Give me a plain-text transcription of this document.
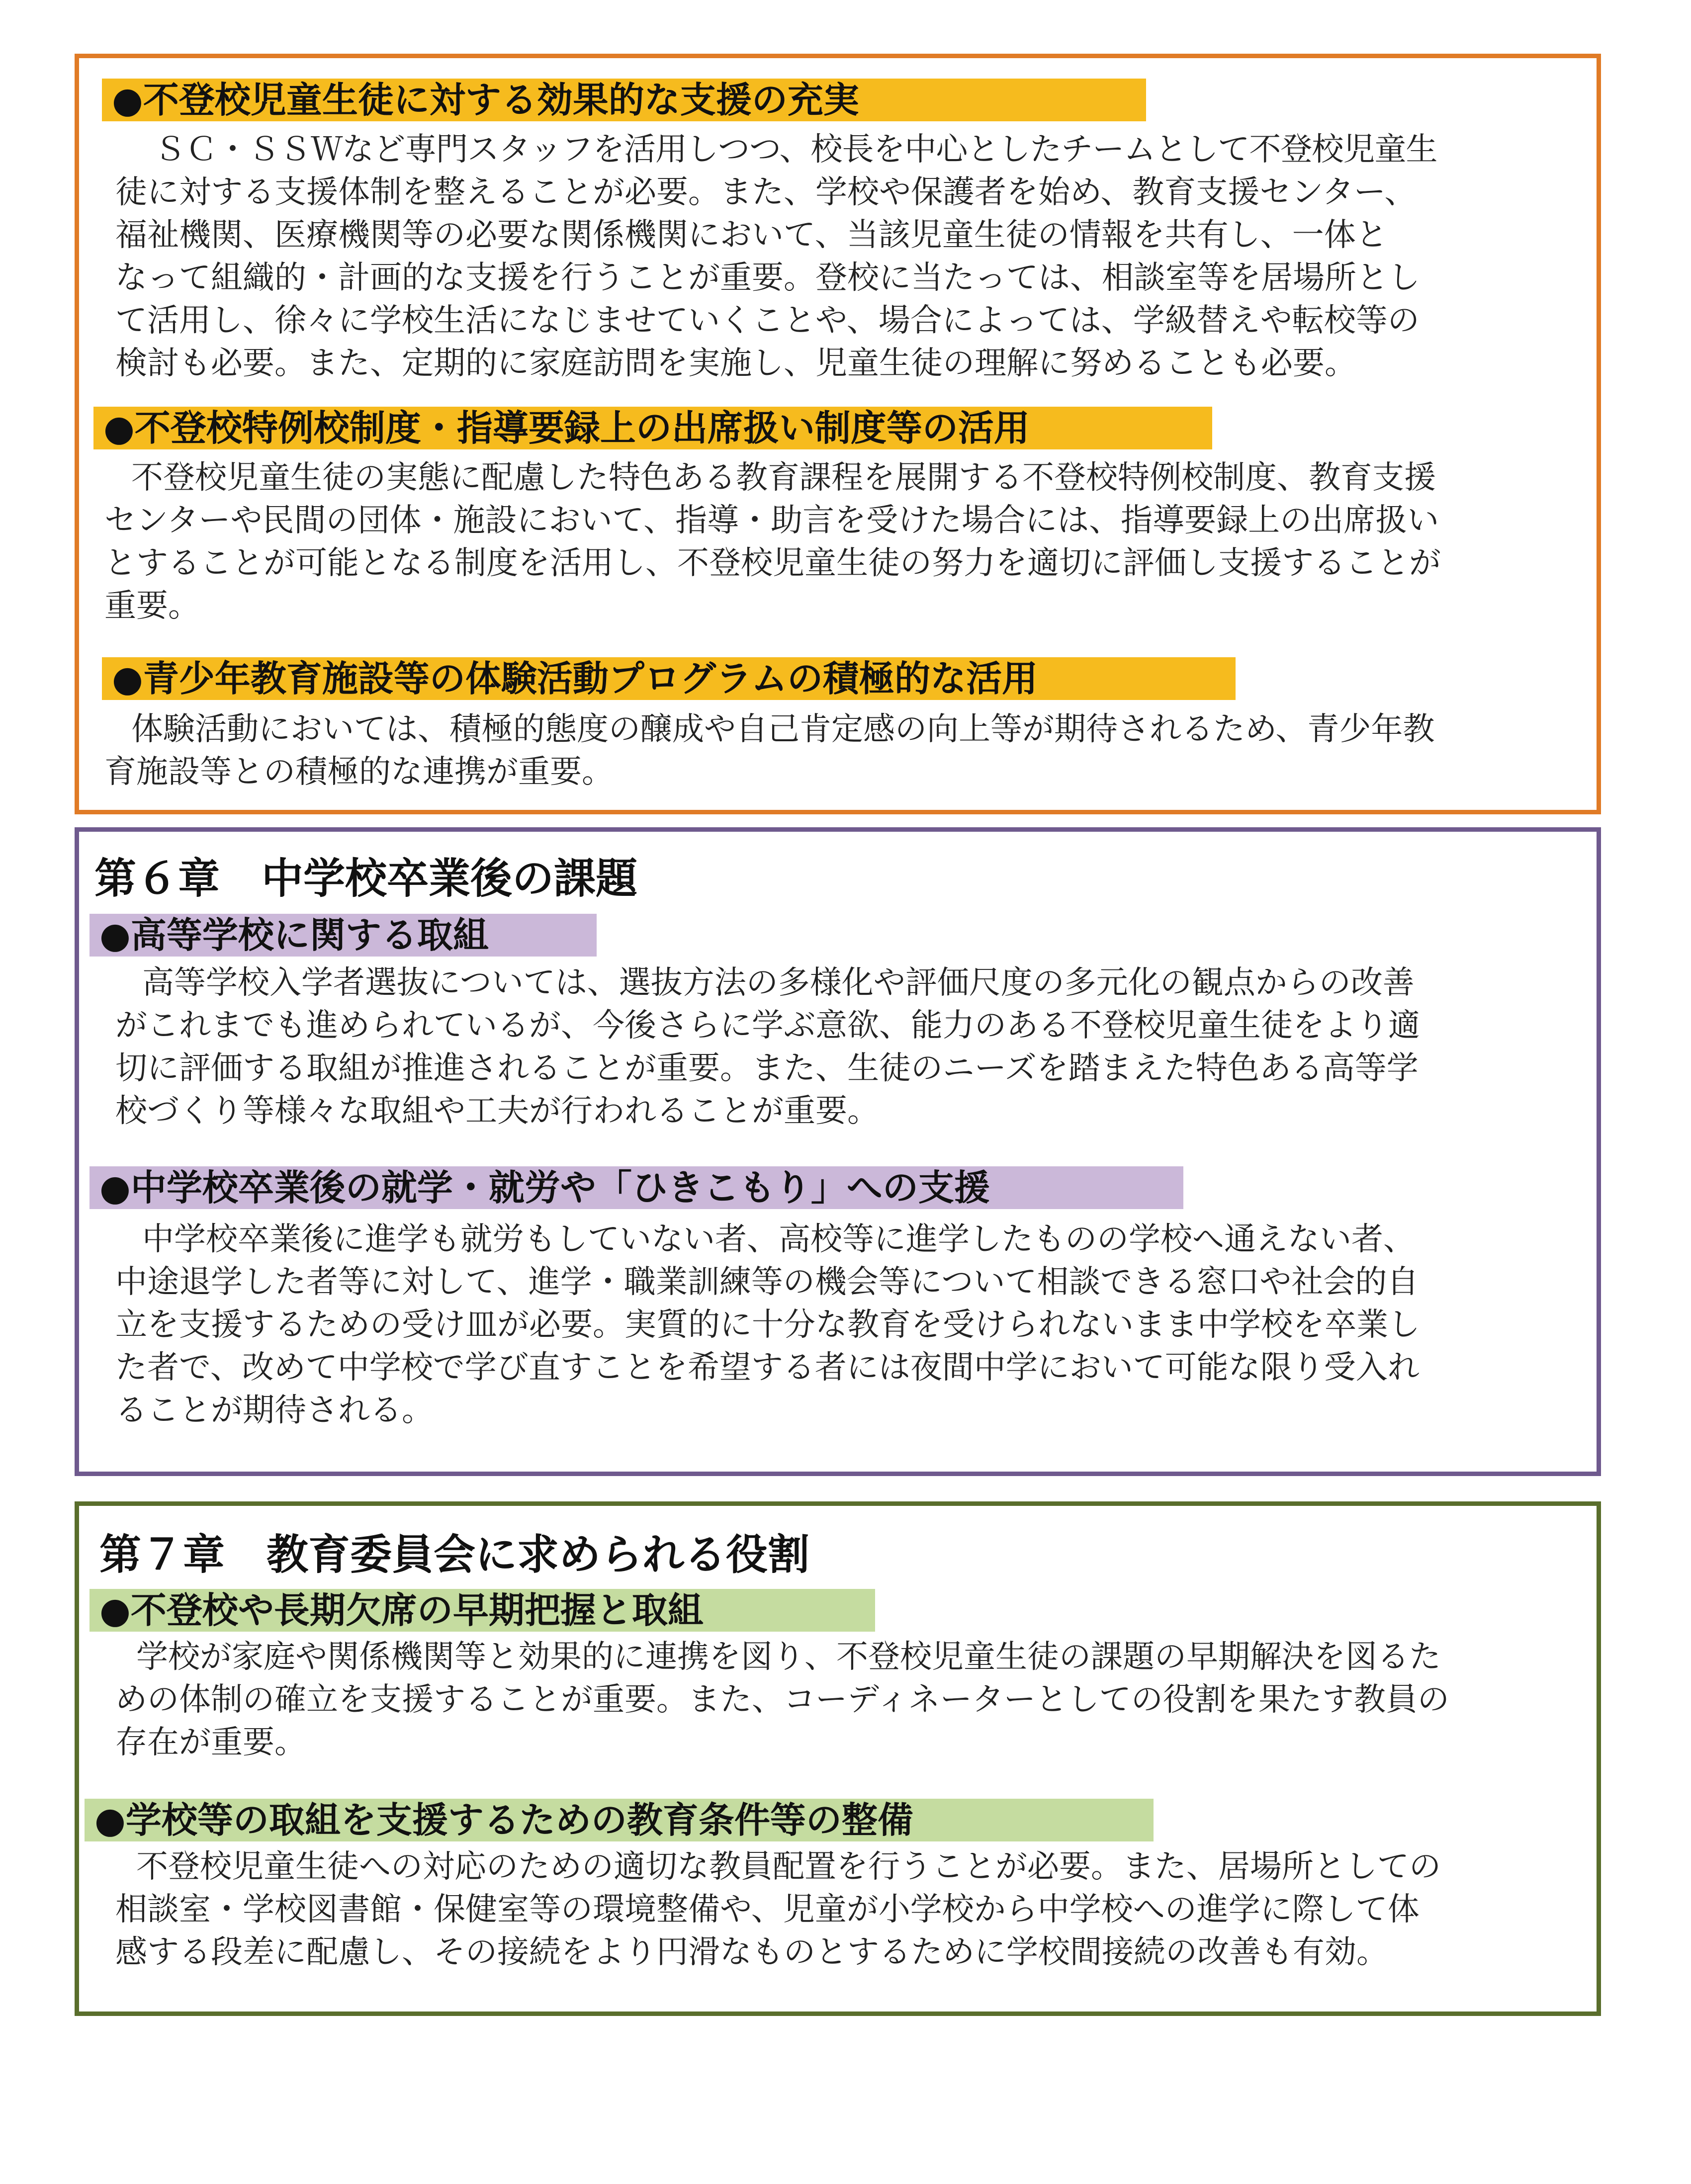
●不登校児童生徒に対する効果的な支援の充実

ＳＣ・ＳＳＷなど専門スタッフを活用しつつ、校長を中心としたチームとして不登校児童生
徒に対する支援体制を整えることが必要。また、学校や保護者を始め、教育支援センター、
福祉機関、医療機関等の必要な関係機関において、当該児童生徒の情報を共有し、一体と
なって組織的・計画的な支援を行うことが重要。登校に当たっては、相談室等を居場所とし
て活用し、徐々に学校生活になじませていくことや、場合によっては、学級替えや転校等の
検討も必要。また、定期的に家庭訪問を実施し、児童生徒の理解に努めることも必要。

●不登校特例校制度・指導要録上の出席扱い制度等の活用

不登校児童生徒の実態に配慮した特色ある教育課程を展開する不登校特例校制度、教育支援
センターや民間の団体・施設において、指導・助言を受けた場合には、指導要録上の出席扱い
とすることが可能となる制度を活用し、不登校児童生徒の努力を適切に評価し支援することが
重要。

●青少年教育施設等の体験活動プログラムの積極的な活用

体験活動においては、積極的態度の醸成や自己肯定感の向上等が期待されるため、青少年教
育施設等との積極的な連携が重要。

第６章　中学校卒業後の課題
●高等学校に関する取組

高等学校入学者選抜については、選抜方法の多様化や評価尺度の多元化の観点からの改善
がこれまでも進められているが、今後さらに学ぶ意欲、能力のある不登校児童生徒をより適
切に評価する取組が推進されることが重要。また、生徒のニーズを踏まえた特色ある高等学
校づくり等様々な取組や工夫が行われることが重要。

●中学校卒業後の就学・就労や「ひきこもり」への支援

中学校卒業後に進学も就労もしていない者、高校等に進学したものの学校へ通えない者、
中途退学した者等に対して、進学・職業訓練等の機会等について相談できる窓口や社会的自
立を支援するための受け皿が必要。実質的に十分な教育を受けられないまま中学校を卒業し
た者で、改めて中学校で学び直すことを希望する者には夜間中学において可能な限り受入れ
ることが期待される。

第７章　教育委員会に求められる役割
●不登校や長期欠席の早期把握と取組

学校が家庭や関係機関等と効果的に連携を図り、不登校児童生徒の課題の早期解決を図るた
めの体制の確立を支援することが重要。また、コーディネーターとしての役割を果たす教員の
存在が重要。

●学校等の取組を支援するための教育条件等の整備

不登校児童生徒への対応のための適切な教員配置を行うことが必要。また、居場所としての
相談室・学校図書館・保健室等の環境整備や、児童が小学校から中学校への進学に際して体
感する段差に配慮し、その接続をより円滑なものとするために学校間接続の改善も有効。
